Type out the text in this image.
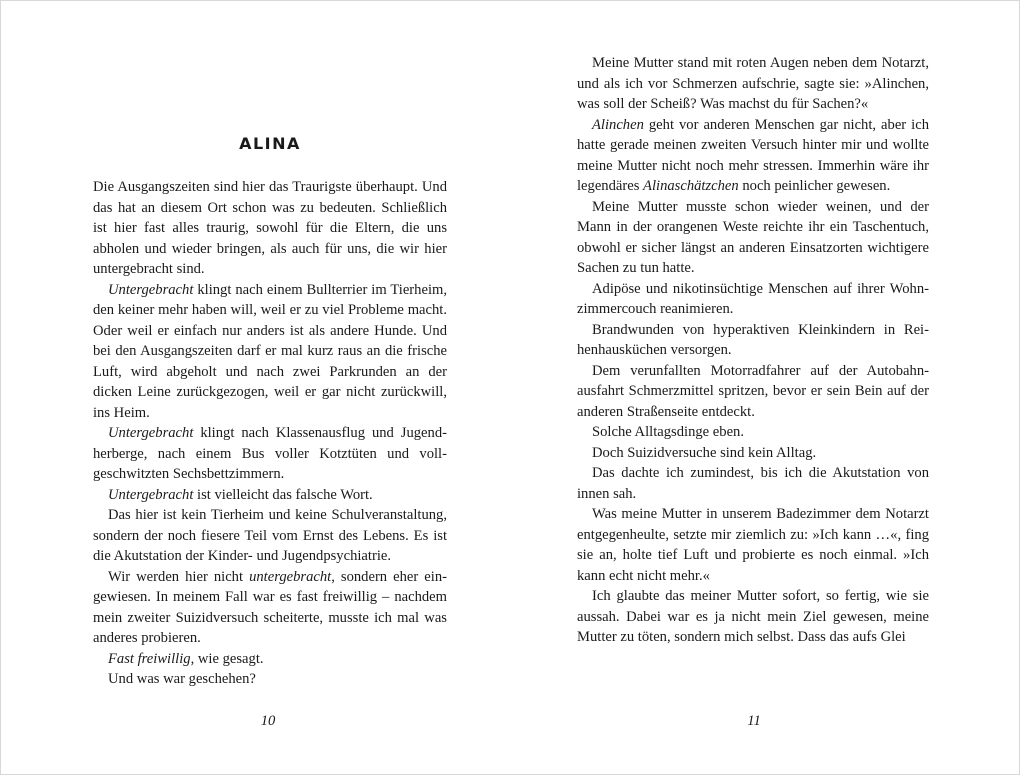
ALINA

Die Ausgangszeiten sind hier das Traurigste überhaupt. Und das hat an diesem Ort schon was zu bedeuten. Schließlich ist hier fast alles traurig, sowohl für die Eltern, die uns abholen und wieder bringen, als auch für uns, die wir hier untergebracht sind.

Untergebracht klingt nach einem Bullterrier im Tierheim, den keiner mehr haben will, weil er zu viel Probleme macht. Oder weil er einfach nur anders ist als andere Hunde. Und bei den Ausgangszeiten darf er mal kurz raus an die frische Luft, wird abgeholt und nach zwei Parkrunden an der dicken Leine zurückgezogen, weil er gar nicht zurückwill, ins Heim.

Untergebracht klingt nach Klassenausflug und Jugendherberge, nach einem Bus voller Kotztüten und vollgeschwitzten Sechsbettzimmern.

Untergebracht ist vielleicht das falsche Wort.

Das hier ist kein Tierheim und keine Schulveranstaltung, sondern der noch fiesere Teil vom Ernst des Lebens. Es ist die Akutstation der Kinder- und Jugendpsychiatrie.

Wir werden hier nicht untergebracht, sondern eher eingewiesen. In meinem Fall war es fast freiwillig – nachdem mein zweiter Suizidversuch scheiterte, musste ich mal was anderes probieren.

Fast freiwillig, wie gesagt.

Und was war geschehen?

10

Meine Mutter stand mit roten Augen neben dem Notarzt, und als ich vor Schmerzen aufschrie, sagte sie: »Alinchen, was soll der Scheiß? Was machst du für Sachen?«

Alinchen geht vor anderen Menschen gar nicht, aber ich hatte gerade meinen zweiten Versuch hinter mir und wollte meine Mutter nicht noch mehr stressen. Immerhin wäre ihr legendäres Alinaschätzchen noch peinlicher gewesen.

Meine Mutter musste schon wieder weinen, und der Mann in der orangenen Weste reichte ihr ein Taschentuch, obwohl er sicher längst an anderen Einsatzorten wichtigere Sachen zu tun hatte.

Adipöse und nikotinsüchtige Menschen auf ihrer Wohnzimmercouch reanimieren.

Brandwunden von hyperaktiven Kleinkindern in Reihenhausküchen versorgen.

Dem verunfallten Motorradfahrer auf der Autobahnausfahrt Schmerzmittel spritzen, bevor er sein Bein auf der anderen Straßenseite entdeckt.

Solche Alltagsdinge eben.

Doch Suizidversuche sind kein Alltag.

Das dachte ich zumindest, bis ich die Akutstation von innen sah.

Was meine Mutter in unserem Badezimmer dem Notarzt entgegenheulte, setzte mir ziemlich zu: »Ich kann …«, fing sie an, holte tief Luft und probierte es noch einmal. »Ich kann echt nicht mehr.«

Ich glaubte das meiner Mutter sofort, so fertig, wie sie aussah. Dabei war es ja nicht mein Ziel gewesen, meine Mutter zu töten, sondern mich selbst. Dass das aufs Glei

11
